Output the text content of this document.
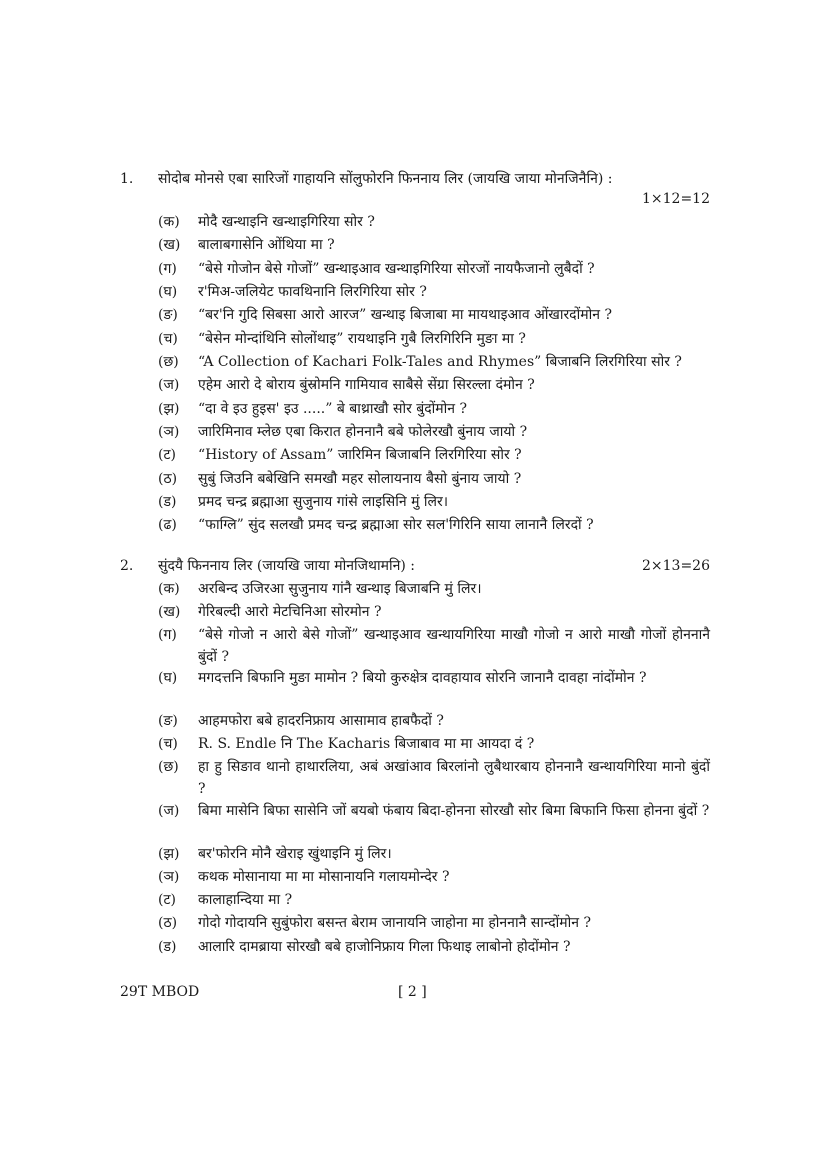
1.	सोदोब मोनसे एबा सारिजों गाहायनि सोंलुफोरनि फिननाय लिर (जायखि जाया मोनजिनैनि) :
1×12=12
(क)	मोदै खन्थाइनि खन्थाइगिरिया सोर ?
(ख)	बालाबगासेनि ओंथिया मा ?
(ग)	“बेसे गोजोन बेसे गोजों” खन्थाइआव खन्थाइगिरिया सोरजों नायफैजानो लुबैदों ?
(घ)	र'मिअ-जलियेट फावथिनानि लिरगिरिया सोर ?
(ङ)	“बर'नि गुदि सिबसा आरो आरज” खन्थाइ बिजाबा मा मायथाइआव ओंखारदोंमोन ?
(च)	“बेसेन मोन्दांथिनि सोलोंथाइ” रायथाइनि गुबै लिरगिरिनि मुङा मा ?
(छ)	“A Collection of Kachari Folk-Tales and Rhymes” बिजाबनि लिरगिरिया सोर ?
(ज)	एहेम आरो दे बोराय बुंस्रोमनि गामियाव साबैसे सेंग्रा सिरल्ला दंमोन ?
(झ)	“दा वे इउ हुइस' इउ .....” बे बाथ्राखौ सोर बुंदोंमोन ?
(ञ)	जारिमिनाव म्लेछ एबा किरात होननानै बबे फोलेरखौ बुंनाय जायो ?
(ट)	“History of Assam” जारिमिन बिजाबनि लिरगिरिया सोर ?
(ठ)	सुबुं जिउनि बबेखिनि समखौ महर सोलायनाय बैसो बुंनाय जायो ?
(ड)	प्रमद चन्द्र ब्रह्माआ सुजुनाय गांसे लाइसिनि मुं लिर।
(ढ)	“फाग्लि” सुंद सलखौ प्रमद चन्द्र ब्रह्माआ सोर सल'गिरिनि साया लानानै लिरदों ?
2.	सुंदयै फिननाय लिर (जायखि जाया मोनजिथामनि) :	2×13=26
(क)	अरबिन्द उजिरआ सुजुनाय गांनै खन्थाइ बिजाबनि मुं लिर।
(ख)	गेरिबल्दी आरो मेटचिनिआ सोरमोन ?
(ग)	“बेसे गोजो न आरो बेसे गोजों” खन्थाइआव खन्थायगिरिया माखौ गोजो न आरो माखौ गोजों होननानै बुंदों ?
(घ)	मगदत्तनि बिफानि मुङा मामोन ? बियो कुरुक्षेत्र दावहायाव सोरनि जानानै दावहा नांदोंमोन ?
(ङ)	आहमफोरा बबे हादरनिफ्राय आसामाव हाबफैदों ?
(च)	R. S. Endle नि The Kacharis बिजाबाव मा मा आयदा दं ?
(छ)	हा हु सिङाव थानो हाथारलिया, अबं अखांआव बिरलांनो लुबैथारबाय होननानै खन्थायगिरिया मानो बुंदों ?
(ज)	बिमा मासेनि बिफा सासेनि जों बयबो फंबाय बिदा-होनना सोरखौ सोर बिमा बिफानि फिसा होनना बुंदों ?
(झ)	बर'फोरनि मोनै खेराइ खुंथाइनि मुं लिर।
(ञ)	कथक मोसानाया मा मा मोसानायनि गलायमोन्देर ?
(ट)	कालाहान्दिया मा ?
(ठ)	गोदो गोदायनि सुबुंफोरा बसन्त बेराम जानायनि जाहोना मा होननानै सान्दोंमोन ?
(ड)	आलारि दामब्राया सोरखौ बबे हाजोनिफ्राय गिला फिथाइ लाबोनो होदोंमोन ?
29T MBOD	[ 2 ]
